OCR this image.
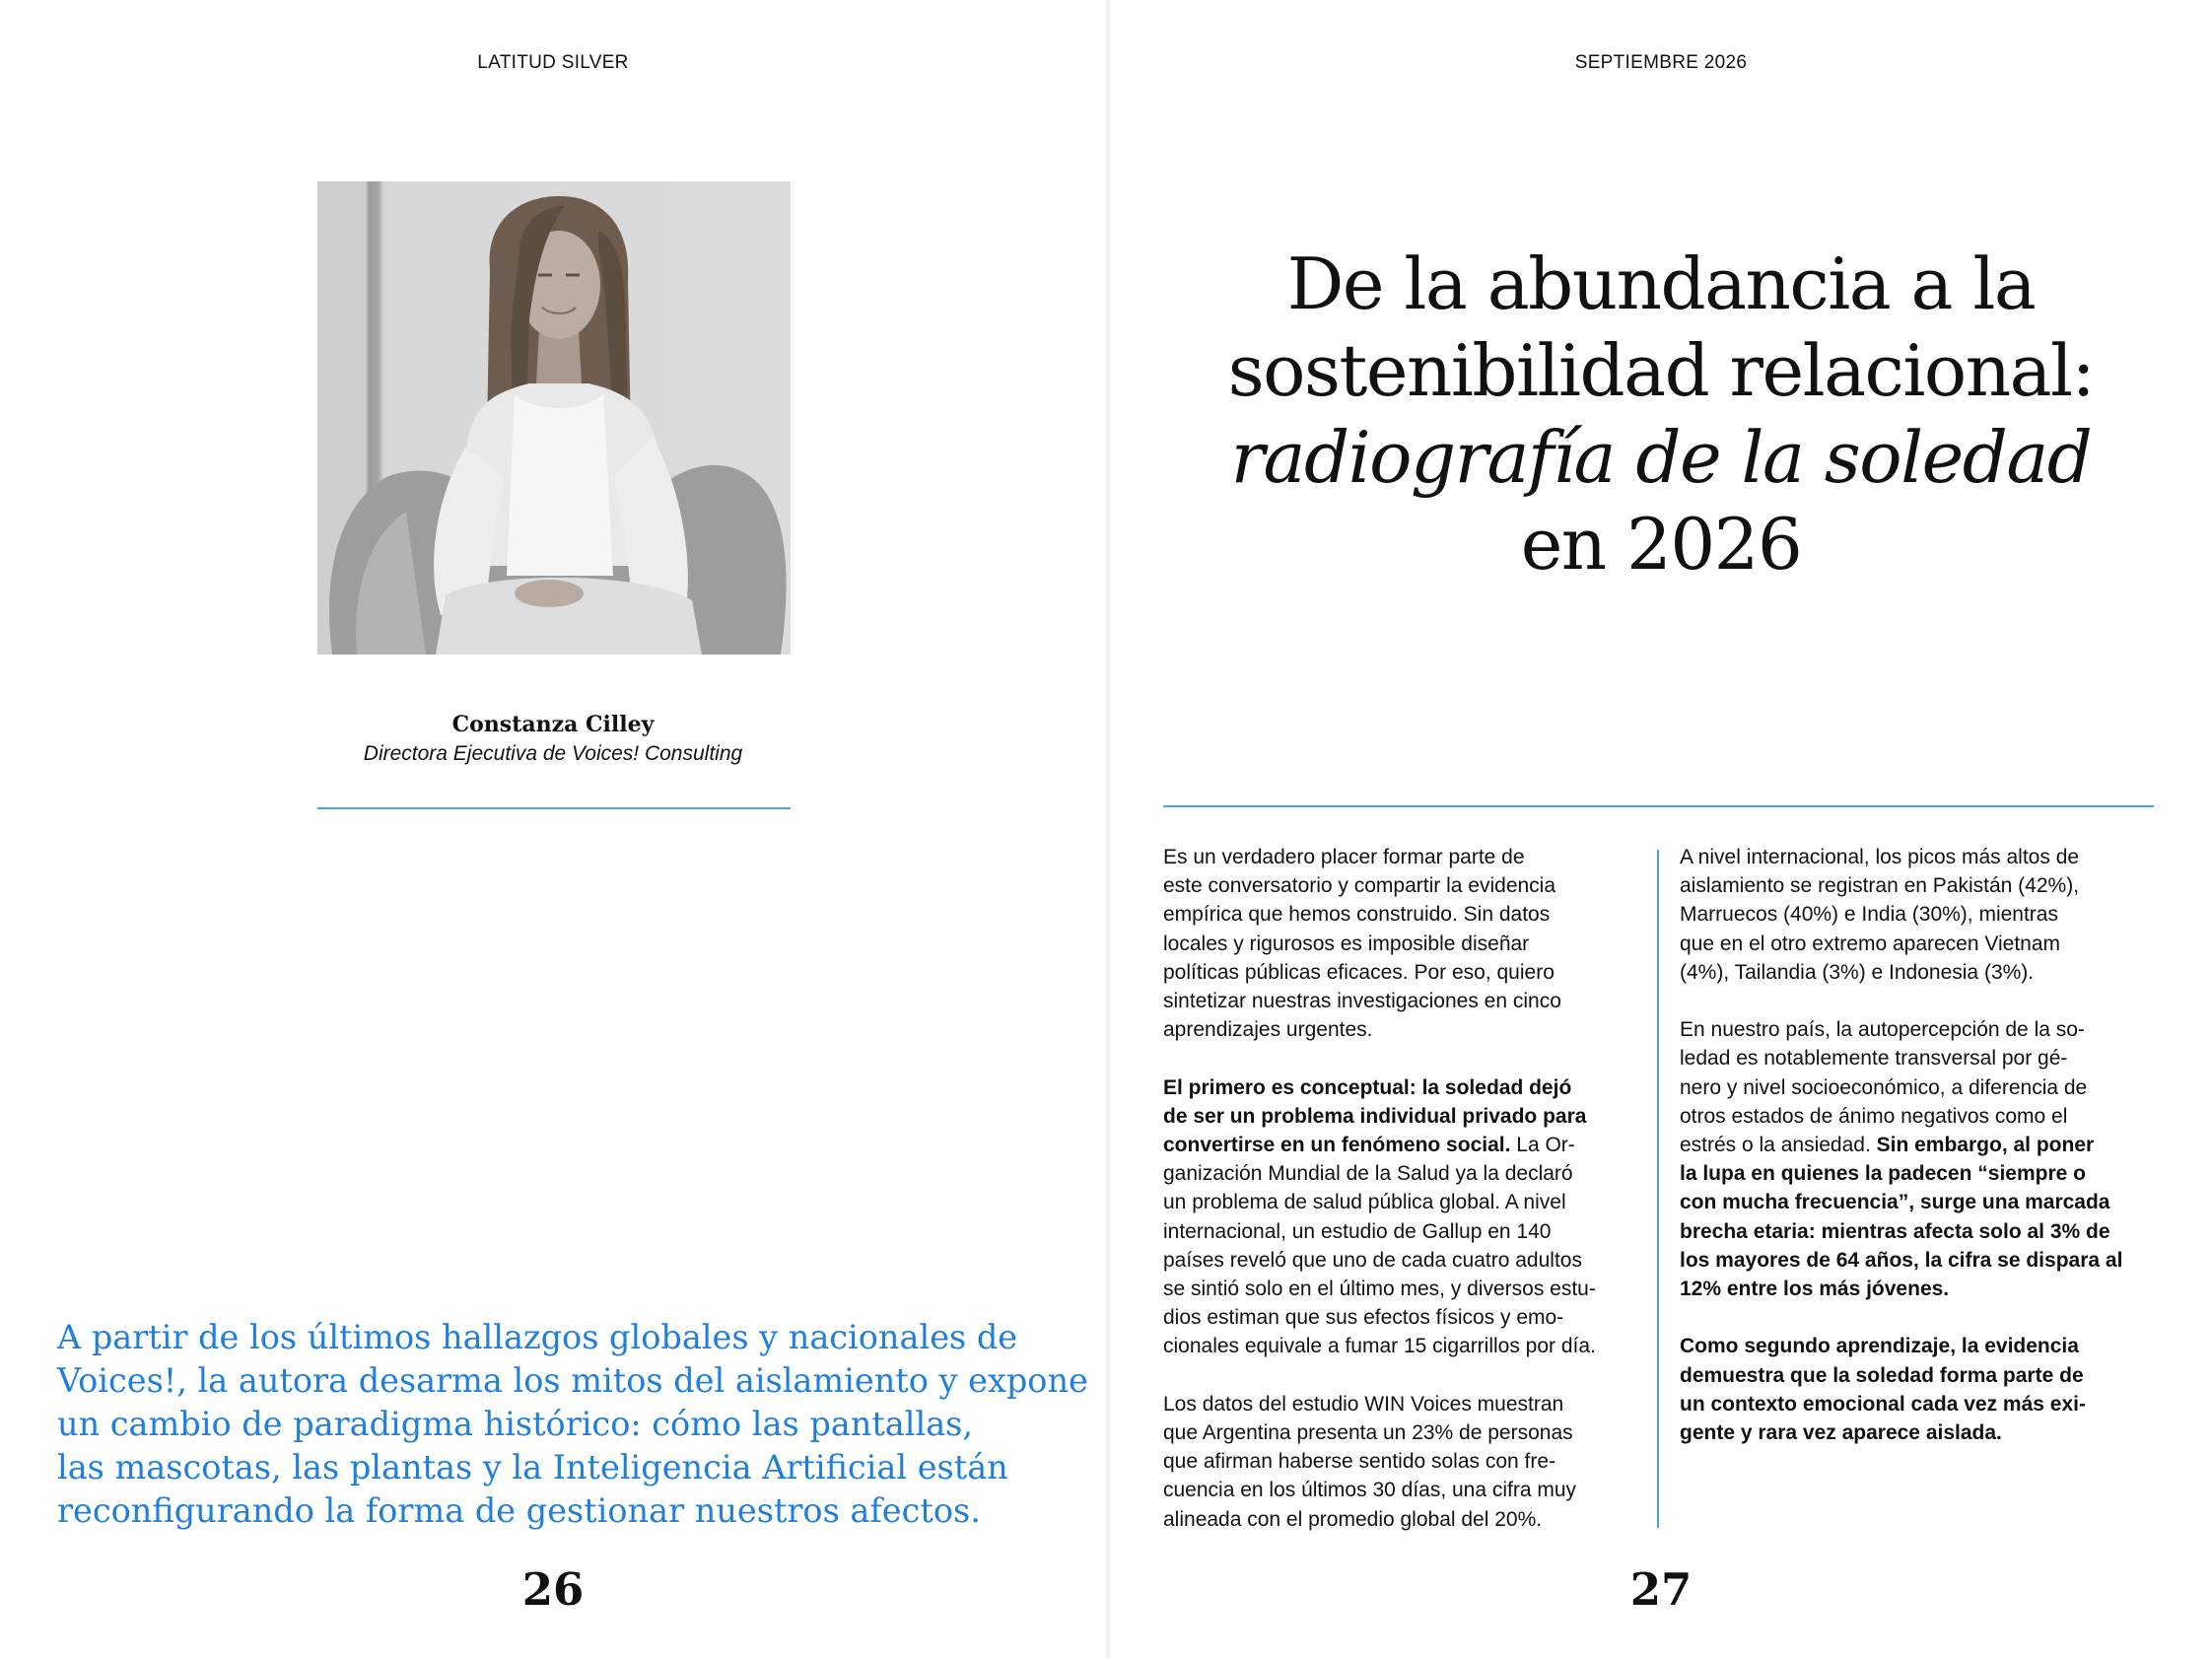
LATITUD SILVER
Constanza Cilley
Directora Ejecutiva de Voices! Consulting
A partir de los últimos hallazgos globales y nacionales de
Voices!, la autora desarma los mitos del aislamiento y expone
un cambio de paradigma histórico: cómo las pantallas,
las mascotas, las plantas y la Inteligencia Artificial están
reconfigurando la forma de gestionar nuestros afectos.
26
SEPTIEMBRE 2026
De la abundancia a la
sostenibilidad relacional:
radiografía de la soledad
en 2026
Es un verdadero placer formar parte de
este conversatorio y compartir la evidencia
empírica que hemos construido. Sin datos
locales y rigurosos es imposible diseñar
políticas públicas eficaces. Por eso, quiero
sintetizar nuestras investigaciones en cinco
aprendizajes urgentes.
El primero es conceptual: la soledad dejó
de ser un problema individual privado para
convertirse en un fenómeno social. La Or-
ganización Mundial de la Salud ya la declaró
un problema de salud pública global. A nivel
internacional, un estudio de Gallup en 140
países reveló que uno de cada cuatro adultos
se sintió solo en el último mes, y diversos estu-
dios estiman que sus efectos físicos y emo-
cionales equivale a fumar 15 cigarrillos por día.
Los datos del estudio WIN Voices muestran
que Argentina presenta un 23% de personas
que afirman haberse sentido solas con fre-
cuencia en los últimos 30 días, una cifra muy
alineada con el promedio global del 20%.
A nivel internacional, los picos más altos de
aislamiento se registran en Pakistán (42%),
Marruecos (40%) e India (30%), mientras
que en el otro extremo aparecen Vietnam
(4%), Tailandia (3%) e Indonesia (3%).
En nuestro país, la autopercepción de la so-
ledad es notablemente transversal por gé-
nero y nivel socioeconómico, a diferencia de
otros estados de ánimo negativos como el
estrés o la ansiedad. Sin embargo, al poner
la lupa en quienes la padecen “siempre o
con mucha frecuencia”, surge una marcada
brecha etaria: mientras afecta solo al 3% de
los mayores de 64 años, la cifra se dispara al
12% entre los más jóvenes.
Como segundo aprendizaje, la evidencia
demuestra que la soledad forma parte de
un contexto emocional cada vez más exi-
gente y rara vez aparece aislada.
27
